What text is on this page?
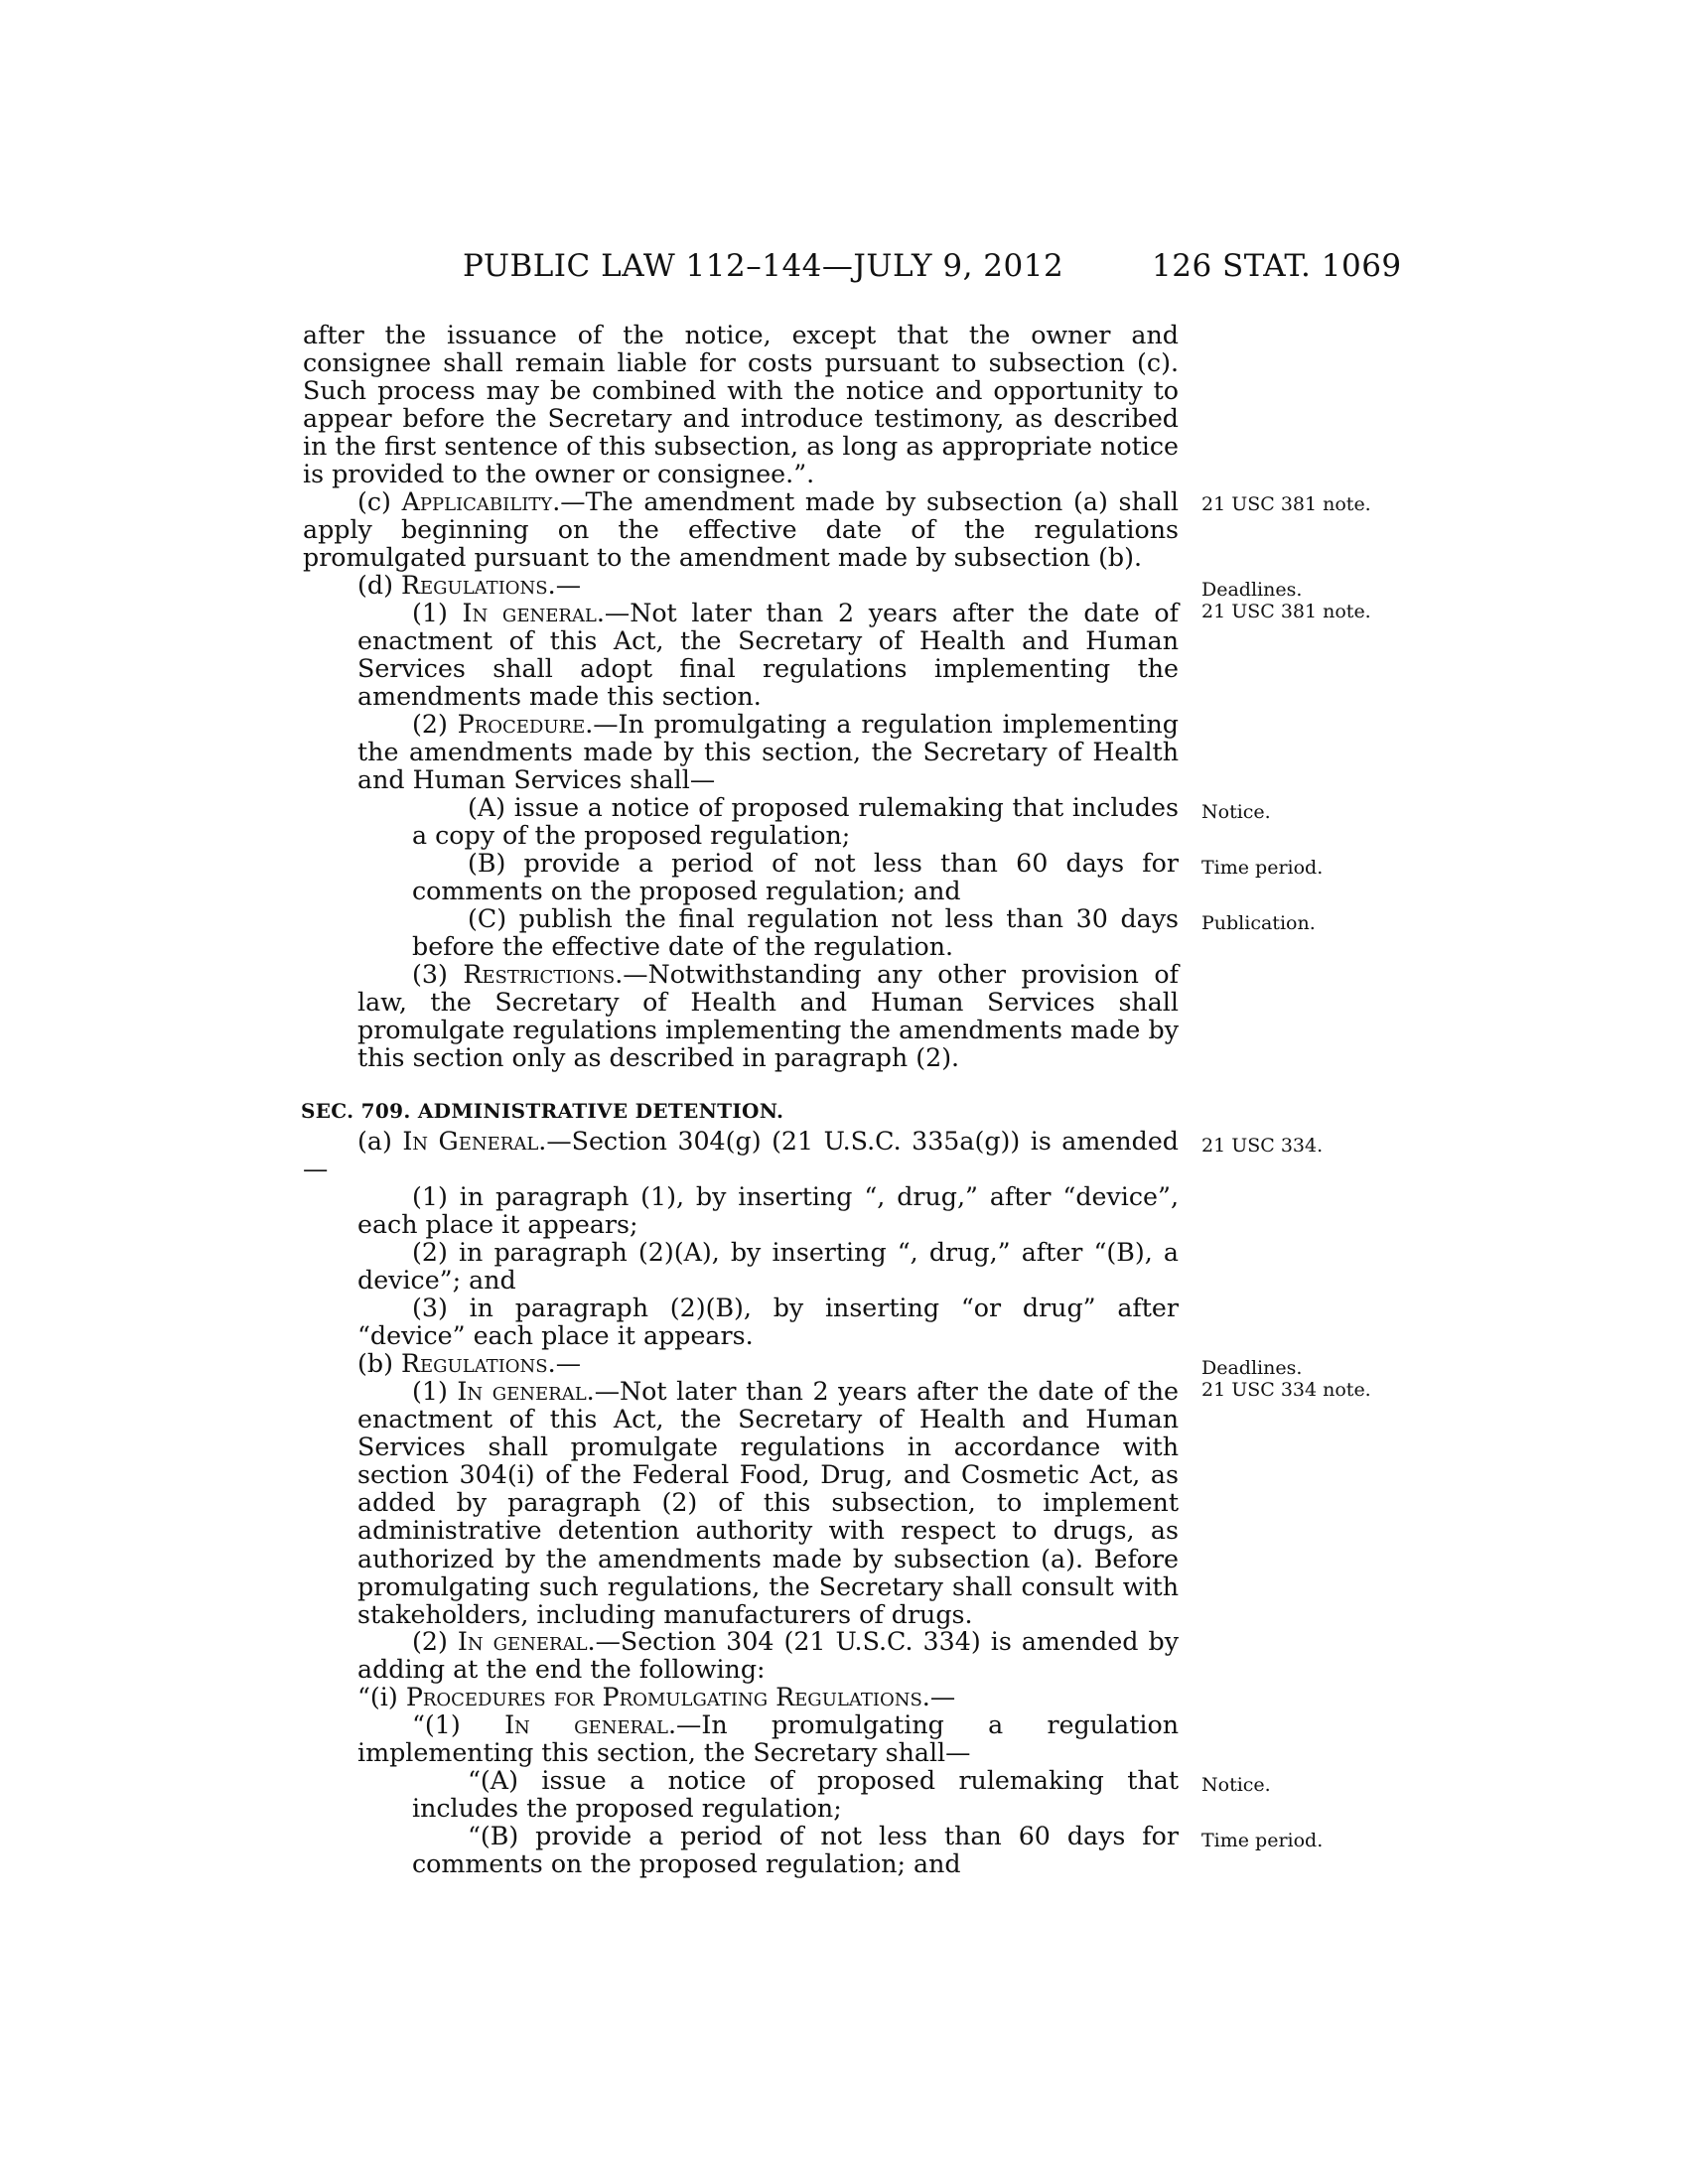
PUBLIC LAW 112–144—JULY 9, 2012	126 STAT. 1069
after the issuance of the notice, except that the owner and consignee shall remain liable for costs pursuant to subsection (c). Such process may be combined with the notice and opportunity to appear before the Secretary and introduce testimony, as described in the first sentence of this subsection, as long as appropriate notice is provided to the owner or consignee.”.
(c) Applicability.—The amendment made by subsection (a) shall apply beginning on the effective date of the regulations promulgated pursuant to the amendment made by subsection (b).
(d) Regulations.—
(1) In general.—Not later than 2 years after the date of enactment of this Act, the Secretary of Health and Human Services shall adopt final regulations implementing the amendments made this section.
(2) Procedure.—In promulgating a regulation implementing the amendments made by this section, the Secretary of Health and Human Services shall—
(A) issue a notice of proposed rulemaking that includes a copy of the proposed regulation;
(B) provide a period of not less than 60 days for comments on the proposed regulation; and
(C) publish the final regulation not less than 30 days before the effective date of the regulation.
(3) Restrictions.—Notwithstanding any other provision of law, the Secretary of Health and Human Services shall promulgate regulations implementing the amendments made by this section only as described in paragraph (2).
SEC. 709. ADMINISTRATIVE DETENTION.
(a) In General.—Section 304(g) (21 U.S.C. 335a(g)) is amended—
(1) in paragraph (1), by inserting “, drug,” after “device”, each place it appears;
(2) in paragraph (2)(A), by inserting “, drug,” after “(B), a device”; and
(3) in paragraph (2)(B), by inserting “or drug” after “device” each place it appears.
(b) Regulations.—
(1) In general.—Not later than 2 years after the date of the enactment of this Act, the Secretary of Health and Human Services shall promulgate regulations in accordance with section 304(i) of the Federal Food, Drug, and Cosmetic Act, as added by paragraph (2) of this subsection, to implement administrative detention authority with respect to drugs, as authorized by the amendments made by subsection (a). Before promulgating such regulations, the Secretary shall consult with stakeholders, including manufacturers of drugs.
(2) In general.—Section 304 (21 U.S.C. 334) is amended by adding at the end the following:
“(i) Procedures for Promulgating Regulations.—
“(1) In general.—In promulgating a regulation implementing this section, the Secretary shall—
“(A) issue a notice of proposed rulemaking that includes the proposed regulation;
“(B) provide a period of not less than 60 days for comments on the proposed regulation; and
21 USC 381 note.
Deadlines.
21 USC 381 note.
Notice.
Time period.
Publication.
21 USC 334.
Deadlines.
21 USC 334 note.
Notice.
Time period.
